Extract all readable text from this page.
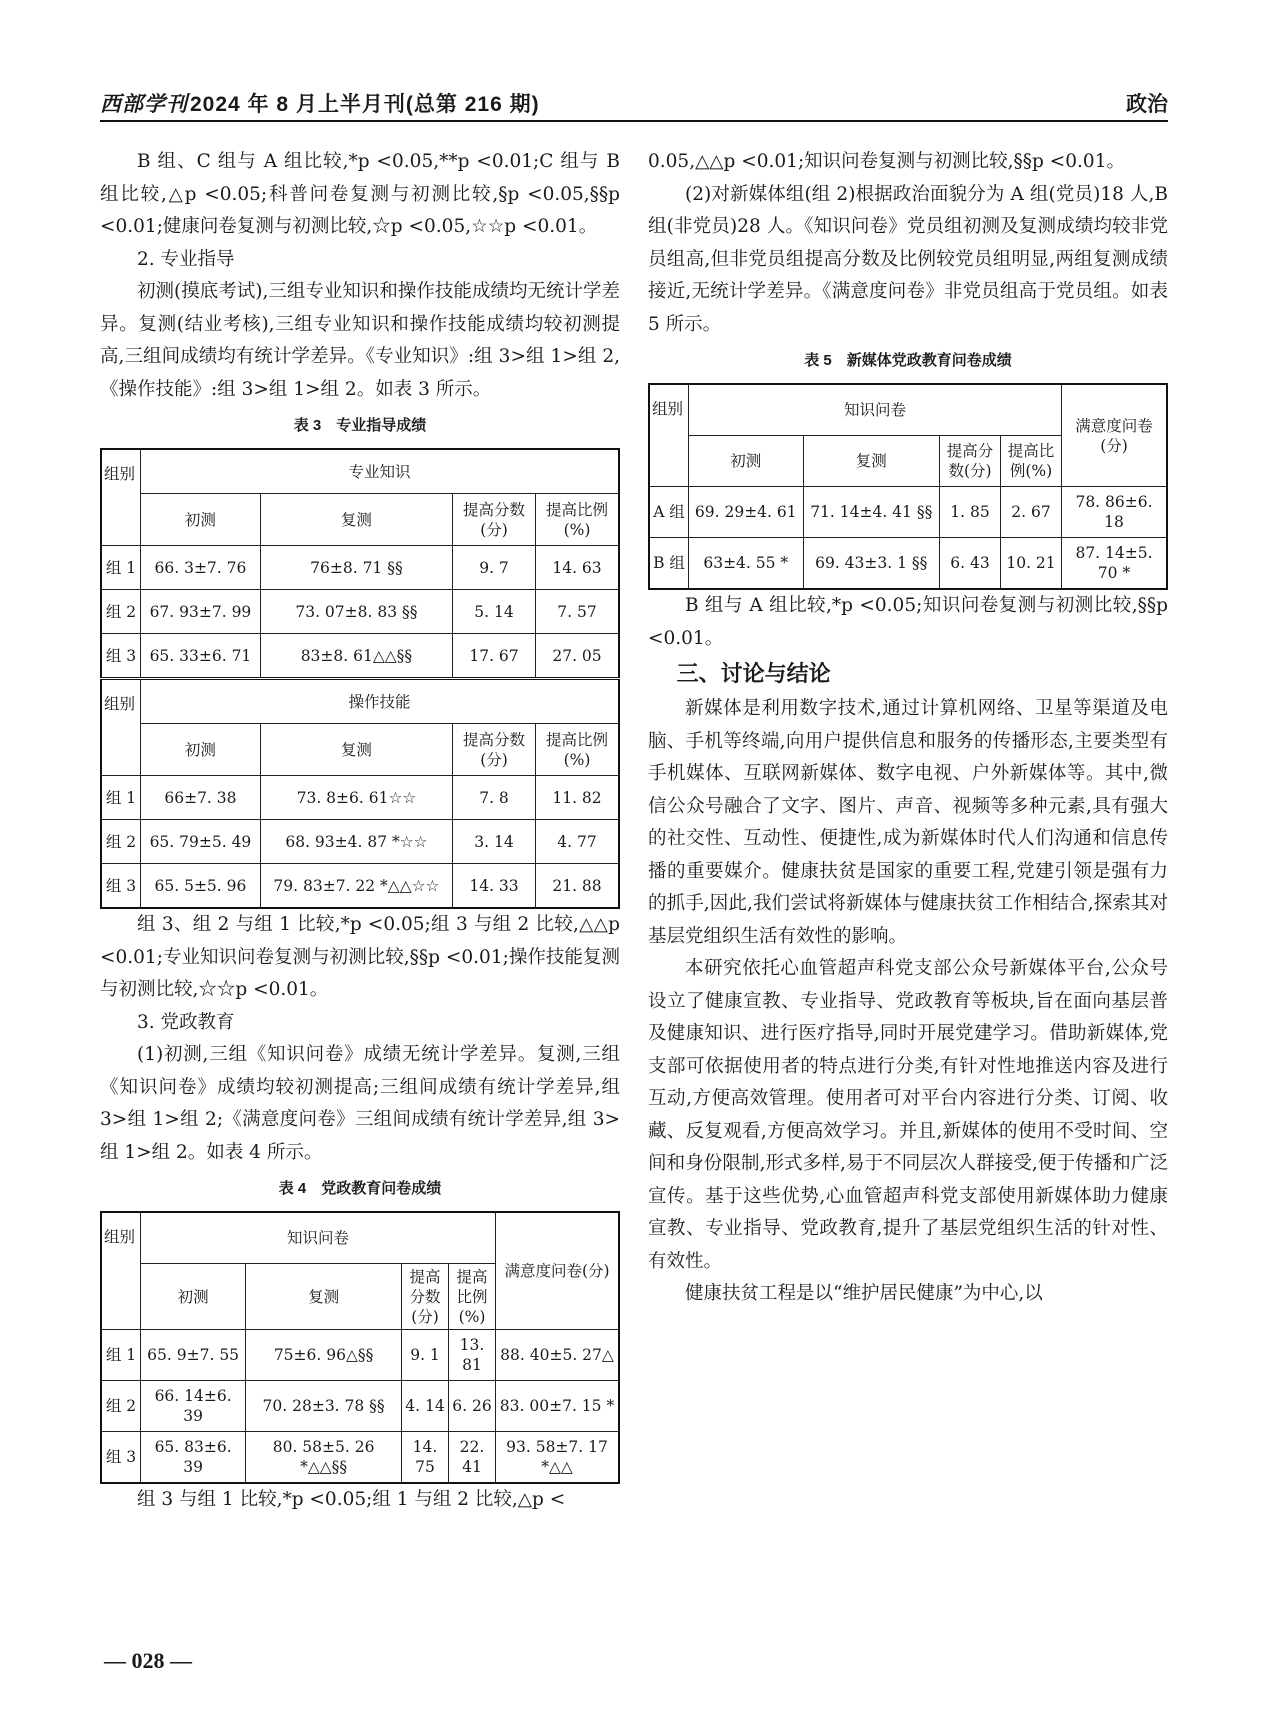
西部学刊2024 年 8 月上半月刊(总第 216 期)	政治

B 组、C 组与 A 组比较,*p <0.05,**p <0.01;C 组与 B 组比较,△p <0.05;科普问卷复测与初测比较,§p <0.05,§§p <0.01;健康问卷复测与初测比较,☆p <0.05,☆☆p <0.01。

2. 专业指导

初测(摸底考试),三组专业知识和操作技能成绩均无统计学差异。复测(结业考核),三组专业知识和操作技能成绩均较初测提高,三组间成绩均有统计学差异。《专业知识》:组 3>组 1>组 2,《操作技能》:组 3>组 1>组 2。如表 3 所示。

表 3　专业指导成绩
组别	专业知识			
	初测	复测	提高分数(分)	提高比例(%)
组 1	66. 3±7. 76	76±8. 71 §§	9. 7	14. 63
组 2	67. 93±7. 99	73. 07±8. 83 §§	5. 14	7. 57
组 3	65. 33±6. 71	83±8. 61△△§§	17. 67	27. 05
组别	操作技能			
	初测	复测	提高分数(分)	提高比例(%)
组 1	66±7. 38	73. 8±6. 61☆☆	7. 8	11. 82
组 2	65. 79±5. 49	68. 93±4. 87 *☆☆	3. 14	4. 77
组 3	65. 5±5. 96	79. 83±7. 22 *△△☆☆	14. 33	21. 88

组 3、组 2 与组 1 比较,*p <0.05;组 3 与组 2 比较,△△p <0.01;专业知识问卷复测与初测比较,§§p <0.01;操作技能复测与初测比较,☆☆p <0.01。

3. 党政教育

(1)初测,三组《知识问卷》成绩无统计学差异。复测,三组《知识问卷》成绩均较初测提高;三组间成绩有统计学差异,组 3>组 1>组 2;《满意度问卷》三组间成绩有统计学差异,组 3>组 1>组 2。如表 4 所示。

表 4　党政教育问卷成绩
组别	知识问卷				满意度问卷(分)
	初测	复测	提高分数(分)	提高比例(%)	
组 1	65. 9±7. 55	75±6. 96△§§	9. 1	13. 81	88. 40±5. 27△
组 2	66. 14±6. 39	70. 28±3. 78 §§	4. 14	6. 26	83. 00±7. 15 *
组 3	65. 83±6. 39	80. 58±5. 26 *△△§§	14. 75	22. 41	93. 58±7. 17 *△△

组 3 与组 1 比较,*p <0.05;组 1 与组 2 比较,△p <

0.05,△△p <0.01;知识问卷复测与初测比较,§§p <0.01。

(2)对新媒体组(组 2)根据政治面貌分为 A 组(党员)18 人,B 组(非党员)28 人。《知识问卷》党员组初测及复测成绩均较非党员组高,但非党员组提高分数及比例较党员组明显,两组复测成绩接近,无统计学差异。《满意度问卷》非党员组高于党员组。如表 5 所示。

表 5　新媒体党政教育问卷成绩
组别	知识问卷				满意度问卷(分)
	初测	复测	提高分数(分)	提高比例(%)	
A 组	69. 29±4. 61	71. 14±4. 41 §§	1. 85	2. 67	78. 86±6. 18
B 组	63±4. 55 *	69. 43±3. 1 §§	6. 43	10. 21	87. 14±5. 70 *

B 组与 A 组比较,*p <0.05;知识问卷复测与初测比较,§§p <0.01。

三、讨论与结论

新媒体是利用数字技术,通过计算机网络、卫星等渠道及电脑、手机等终端,向用户提供信息和服务的传播形态,主要类型有手机媒体、互联网新媒体、数字电视、户外新媒体等。其中,微信公众号融合了文字、图片、声音、视频等多种元素,具有强大的社交性、互动性、便捷性,成为新媒体时代人们沟通和信息传播的重要媒介。健康扶贫是国家的重要工程,党建引领是强有力的抓手,因此,我们尝试将新媒体与健康扶贫工作相结合,探索其对基层党组织生活有效性的影响。

本研究依托心血管超声科党支部公众号新媒体平台,公众号设立了健康宣教、专业指导、党政教育等板块,旨在面向基层普及健康知识、进行医疗指导,同时开展党建学习。借助新媒体,党支部可依据使用者的特点进行分类,有针对性地推送内容及进行互动,方便高效管理。使用者可对平台内容进行分类、订阅、收藏、反复观看,方便高效学习。并且,新媒体的使用不受时间、空间和身份限制,形式多样,易于不同层次人群接受,便于传播和广泛宣传。基于这些优势,心血管超声科党支部使用新媒体助力健康宣教、专业指导、党政教育,提升了基层党组织生活的针对性、有效性。

健康扶贫工程是以“维护居民健康”为中心,以

— 028 —
